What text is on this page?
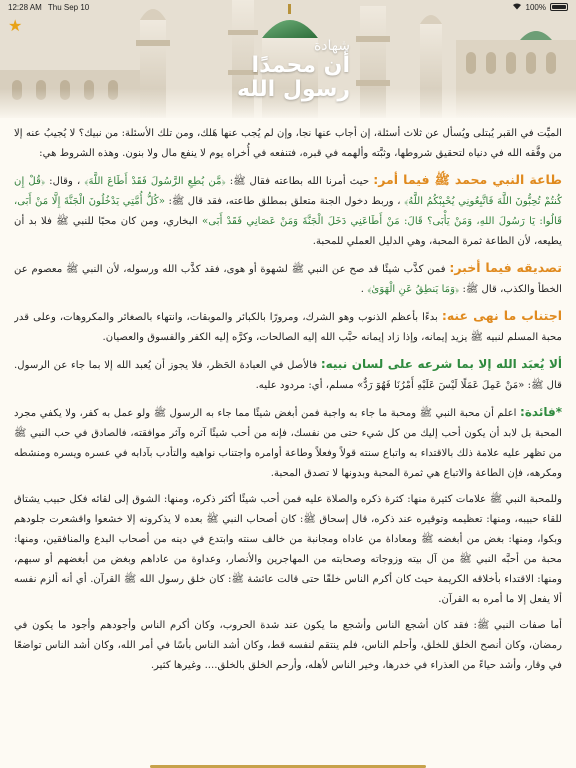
12:28 AM Thu Sep 10	100%
شهادة
أن محمدًا
رسول الله
★

الميِّت في القبر يُبتلى ويُسأل عن ثلاث أسئلة، إن أجاب عنها نجا، وإن لم يُجب عنها هَلك، ومن تلك الأسئلة: من نبيك؟ لا يُجيبُ عنه إلا من وفَّقه الله في دنياه لتحقيق شروطها، وثبَّته وألهمه في قبره، فتنفعه في أُخراه يوم لا ينفع مال ولا بنون. وهذه الشروط هي:

طاعة النبي محمد ﷺ فيما أمر: حيث أمرنا الله بطاعته فقال ﷺ: ﴿مَّن يُطِعِ الرَّسُولَ فَقَدْ أَطَاعَ اللَّهَ﴾ ، وقال: ﴿قُلْ إِن كُنتُمْ تُحِبُّونَ اللَّهَ فَاتَّبِعُونِي يُحْبِبْكُمُ اللَّهُ﴾ ، وربط دخول الجنة متعلق بمطلق طاعته، فقد قال ﷺ: «كُلُّ أُمَّتِي يَدْخُلُونَ الْجَنَّةَ إِلَّا مَنْ أَبَى، قَالُوا: يَا رَسُولَ اللهِ، وَمَنْ يَأْبَى؟ قَالَ: مَنْ أَطَاعَنِي دَخَلَ الْجَنَّةَ وَمَنْ عَصَانِي فَقَدْ أَبَى» البخاري، ومن كان محبًا للنبي ﷺ فلا بد أن يطيعه، لأن الطاعة ثمرة المحبة، وهي الدليل العملي للمحبة.

تصديقه فيما أخبر: فمن كذَّب شيئًا قد صح عن النبي ﷺ لشهوة أو هوى، فقد كذَّب الله ورسوله، لأن النبي ﷺ معصوم عن الخطأ والكذب، قال ﷺ: ﴿وَمَا يَنطِقُ عَنِ الْهَوَىٰ﴾ .

اجتناب ما نهى عنه: بدءًا بأعظم الذنوب وهو الشرك، ومرورًا بالكبائر والموبقات، وانتهاء بالصغائر والمكروهات، وعلى قدر محبة المسلم لنبيه ﷺ يزيد إيمانه، وإذا زاد إيمانه حبَّب الله إليه الصالحات، وكرَّه إليه الكفر والفسوق والعصيان.

ألا يُعبَد الله إلا بما شرعه على لسان نبيه: فالأصل في العبادة الحَظر، فلا يجوز أن يُعبد الله إلا بما جاء عن الرسول. قال ﷺ: «مَنْ عَمِلَ عَمَلًا لَيْسَ عَلَيْهِ أَمْرُنَا فَهُوَ رَدٌّ» مسلم، أي: مردود عليه.

*فائدة: اعلم أن محبة النبي ﷺ ومحبة ما جاء به واجبة فمن أبغض شيئًا مما جاء به الرسول ﷺ ولو عمل به كفر، ولا يكفي مجرد المحبة بل لابد أن يكون أحب إليك من كل شيء حتى من نفسك، فإنه من أحب شيئًا آثره وآثر موافقته، فالصادق في حب النبي ﷺ من تظهر عليه علامة ذلك بالاقتداء به واتباع سنته قولاً وفعلاً وطاعة أوامره واجتناب نواهيه والتأدب بآدابه في عسره ويسره ومنشطه ومكرهه، فإن الطاعة والاتباع هي ثمرة المحبة وبدونها لا تصدق المحبة.

وللمحبة النبي ﷺ علامات كثيرة منها: كثرة ذكره والصلاة عليه فمن أحب شيئًا أكثر ذكره، ومنها: الشوق إلى لقائه فكل حبيب يشتاق للقاء حبيبه، ومنها: تعظيمه وتوقيره عند ذكره، قال إسحاق ﷺ: كان أصحاب النبي ﷺ بعده لا يذكرونه إلا خشعوا واقشعرت جلودهم وبكوا، ومنها: بغض من أبغضه ﷺ ومعاداة من عاداه ومجانبة من خالف سنته وابتدع في دينه من أصحاب البدع والمنافقين، ومنها: محبة من أحبَّه النبي ﷺ من آل بيته وزوجاته وصحابته من المهاجرين والأنصار، وعداوة من عاداهم وبغض من أبغضهم أو سبهم، ومنها: الاقتداء بأخلاقه الكريمة حيث كان أكرم الناس خلقًا حتى قالت عائشة ﷺ: كان خلق رسول الله ﷺ القرآن. أي أنه ألزم نفسه ألا يفعل إلا ما أمره به القرآن.

أما صفات النبي ﷺ: فقد كان أشجع الناس وأشجع ما يكون عند شدة الحروب، وكان أكرم الناس وأجودهم وأجود ما يكون في رمضان، وكان أنصح الخلق للخلق، وأحلم الناس، فلم ينتقم لنفسه قط، وكان أشد الناس بأسًا في أمر الله، وكان أشد الناس تواضعًا في وقار، وأشد حياءً من العذراء في خدرها، وخير الناس لأهله، وأرحم الخلق بالخلق.... وغيرها كثير.
